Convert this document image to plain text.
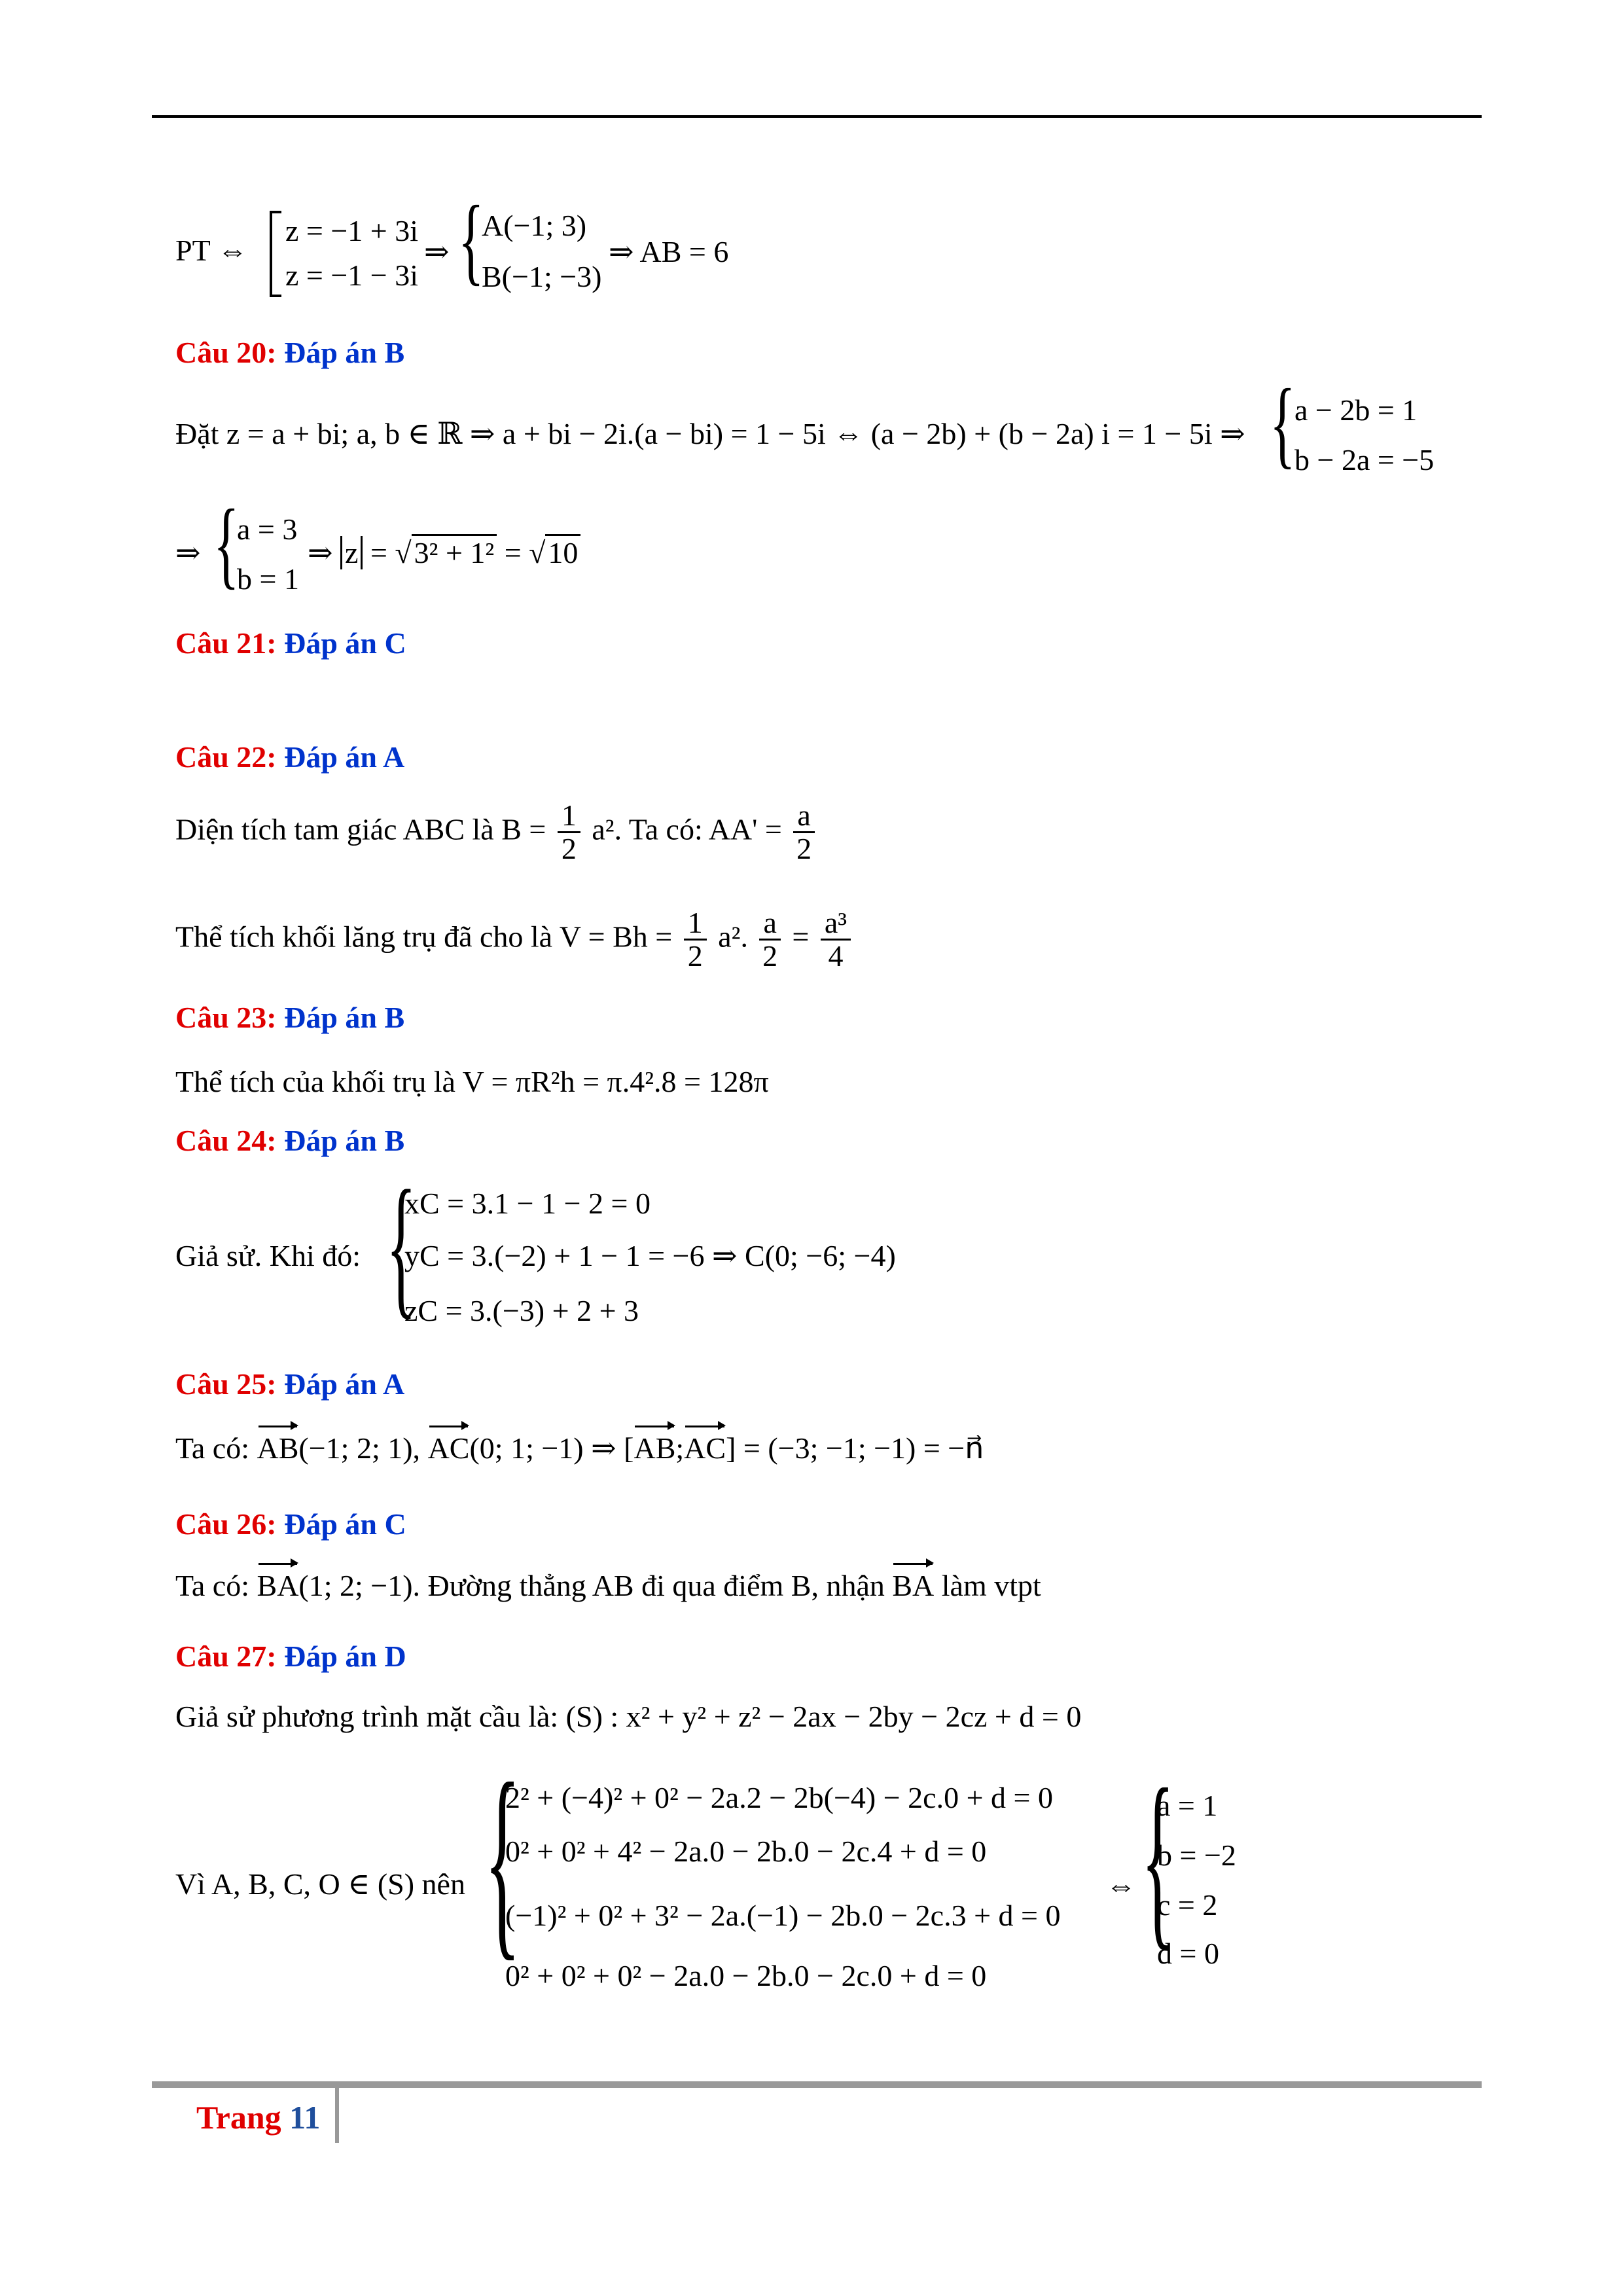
PT ⇔
z = −1 + 3i
z = −1 − 3i
⇒ {
A(−1; 3)
B(−1; −3)
⇒ AB = 6
Câu 20: Đáp án B
Đặt z = a + bi; a, b ∈ ℝ ⇒ a + bi − 2i.(a − bi) = 1 − 5i ⇔ (a − 2b) + (b − 2a) i = 1 − 5i ⇒ {
a − 2b = 1
b − 2a = −5
⇒ {
a = 3
b = 1
⇒ z = √3² + 1² = √10
Câu 21: Đáp án C
Câu 22: Đáp án A
Diện tích tam giác ABC là $B = \frac{1}{2} a^2$. Ta có: $AA' = \frac{a}{2}$
Thể tích khối lăng trụ đã cho là $V = Bh = \frac{1}{2} a^2$. $\frac{a}{2} = \frac{\text{a³}}{4}$
Câu 23: Đáp án B
Thể tích của khối trụ là V = πR²h = π.4².8 = 128π
Câu 24: Đáp án B
Giả sử. Khi đó: {
xC = 3.1 − 1 − 2 = 0
yC = 3.(−2) + 1 − 1 = −6 ⇒ C(0; −6; −4)
zC = 3.(−3) + 2 + 3
Câu 25: Đáp án A
Ta có: AB(−1; 2; 1), AC(0; 1; −1) ⇒ [AB;AC] = (−3; −1; −1) = −n⃗
Câu 26: Đáp án C
Ta có: BA(1; 2; −1). Đường thẳng AB đi qua điểm B, nhận BA làm vtpt
Câu 27: Đáp án D
Giả sử phương trình mặt cầu là: (S) : x² + y² + z² − 2ax − 2by − 2cz + d = 0
Vì A, B, C, O ∈ (S) nên {
2² + (−4)² + 0² − 2a.2 − 2b(−4) − 2c.0 + d = 0
0² + 0² + 4² − 2a.0 − 2b.0 − 2c.4 + d = 0
(−1)² + 0² + 3² − 2a.(−1) − 2b.0 − 2c.3 + d = 0
0² + 0² + 0² − 2a.0 − 2b.0 − 2c.0 + d = 0
⇔ {
a = 1
b = −2
c = 2
d = 0
Trang 11
